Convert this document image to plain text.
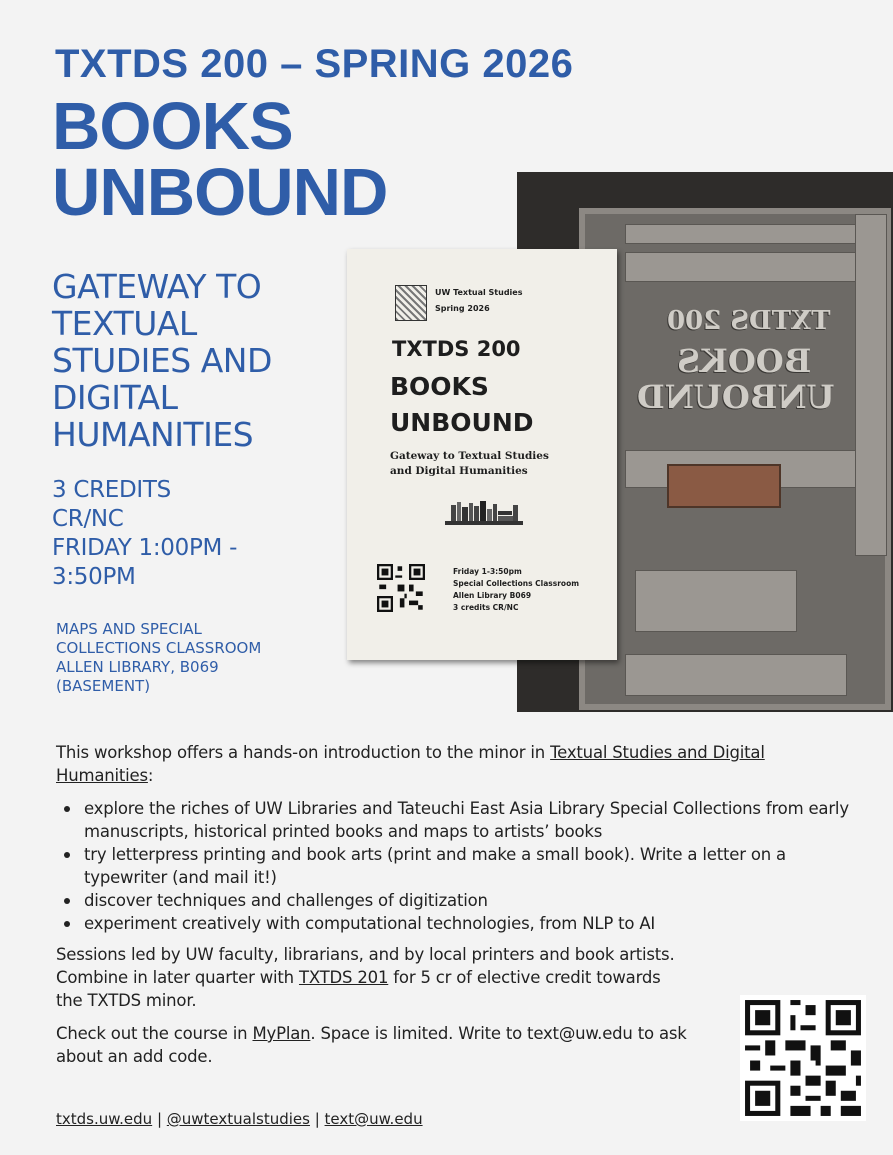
TXTDS 200 – SPRING 2026
BOOKS
UNBOUND
GATEWAY TO
TEXTUAL
STUDIES AND
DIGITAL
HUMANITIES
3 CREDITS
CR/NC
FRIDAY 1:00PM -
3:50PM
MAPS AND SPECIAL
COLLECTIONS CLASSROOM
ALLEN LIBRARY, B069
(BASEMENT)
TXTDS 200
BOOKS
UNBOUND
UW Textual Studies
Spring 2026
TXTDS 200
BOOKS
UNBOUND
Gateway to Textual Studies
and Digital Humanities
Friday 1-3:50pm
Special Collections Classroom
Allen Library B069
3 credits CR/NC

This workshop offers a hands-on introduction to the minor in Textual Studies and Digital Humanities:

explore the riches of UW Libraries and Tateuchi East Asia Library Special Collections from early manuscripts, historical printed books and maps to artists’ books
try letterpress printing and book arts (print and make a small book). Write a letter on a typewriter (and mail it!)
discover techniques and challenges of digitization
experiment creatively with computational technologies, from NLP to AI

Sessions led by UW faculty, librarians, and by local printers and book artists. Combine in later quarter with TXTDS 201 for 5 cr of elective credit towards the TXTDS minor.

Check out the course in MyPlan. Space is limited. Write to text@uw.edu to ask about an add code.

txtds.uw.edu | @uwtextualstudies | text@uw.edu
